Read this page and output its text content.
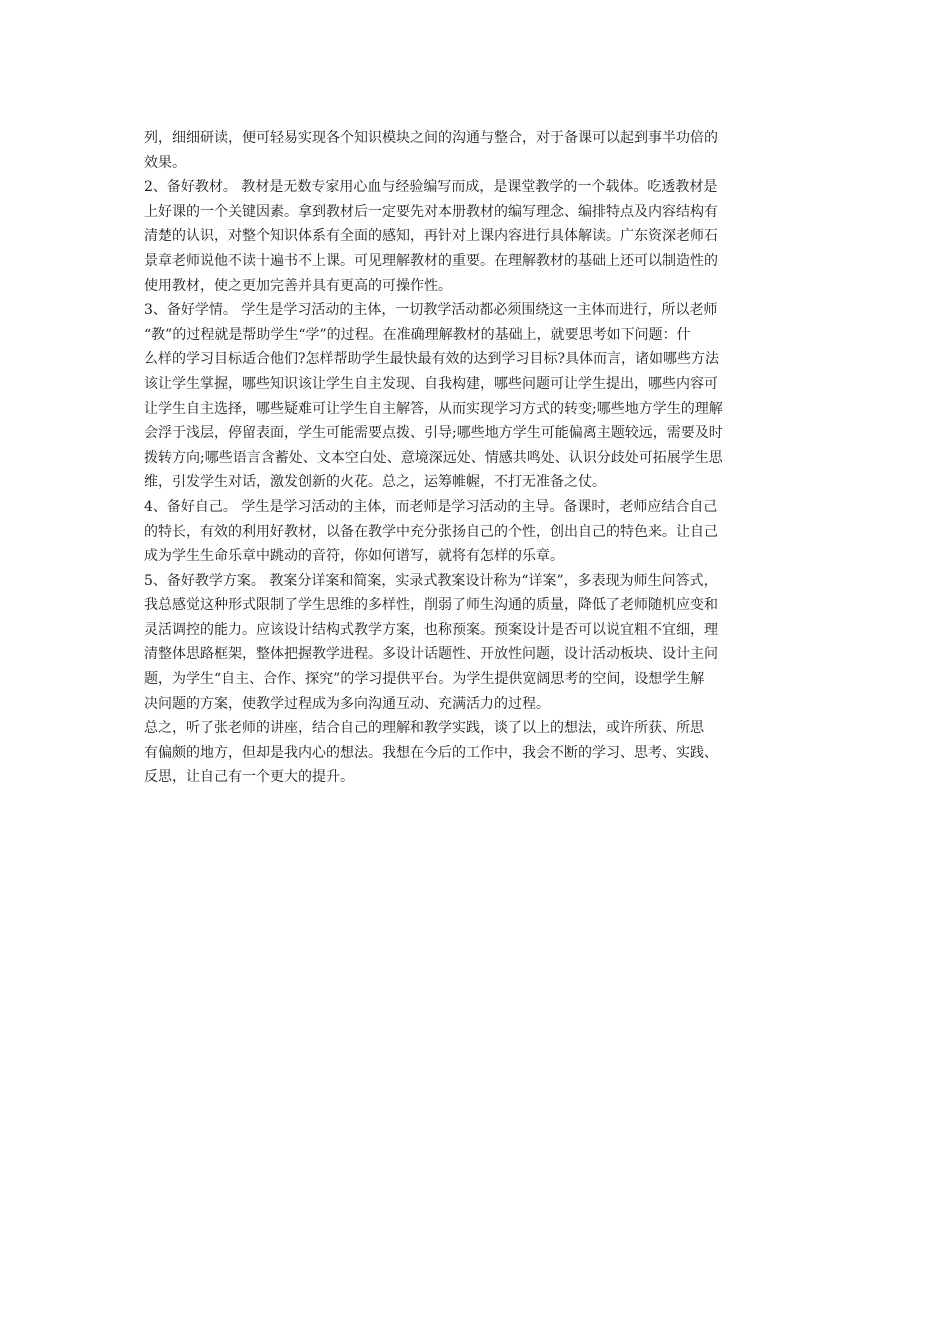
列，细细研读，便可轻易实现各个知识模块之间的沟通与整合，对于备课可以起到事半功倍的
效果。
2、备好教材。 教材是无数专家用心血与经验编写而成，是课堂教学的一个载体。吃透教材是
上好课的一个关键因素。拿到教材后一定要先对本册教材的编写理念、编排特点及内容结构有
清楚的认识，对整个知识体系有全面的感知，再针对上课内容进行具体解读。广东资深老师石
景章老师说他不读十遍书不上课。可见理解教材的重要。在理解教材的基础上还可以制造性的
使用教材，使之更加完善并具有更高的可操作性。
3、备好学情。 学生是学习活动的主体，一切教学活动都必须围绕这一主体而进行，所以老师
“教”的过程就是帮助学生“学”的过程。在准确理解教材的基础上，就要思考如下问题：什
么样的学习目标适合他们?怎样帮助学生最快最有效的达到学习目标?具体而言，诸如哪些方法
该让学生掌握，哪些知识该让学生自主发现、自我构建，哪些问题可让学生提出，哪些内容可
让学生自主选择，哪些疑难可让学生自主解答，从而实现学习方式的转变;哪些地方学生的理解
会浮于浅层，停留表面，学生可能需要点拨、引导;哪些地方学生可能偏离主题较远，需要及时
拨转方向;哪些语言含蓄处、文本空白处、意境深远处、情感共鸣处、认识分歧处可拓展学生思
维，引发学生对话，激发创新的火花。总之，运筹帷幄，不打无准备之仗。
4、备好自己。 学生是学习活动的主体，而老师是学习活动的主导。备课时，老师应结合自己
的特长，有效的利用好教材，以备在教学中充分张扬自己的个性，创出自己的特色来。让自己
成为学生生命乐章中跳动的音符，你如何谱写，就将有怎样的乐章。
5、备好教学方案。 教案分详案和简案，实录式教案设计称为“详案”，多表现为师生问答式，
我总感觉这种形式限制了学生思维的多样性，削弱了师生沟通的质量，降低了老师随机应变和
灵活调控的能力。应该设计结构式教学方案，也称预案。预案设计是否可以说宜粗不宜细，理
清整体思路框架，整体把握教学进程。多设计话题性、开放性问题，设计活动板块、设计主问
题，为学生“自主、合作、探究”的学习提供平台。为学生提供宽阔思考的空间，设想学生解
决问题的方案，使教学过程成为多向沟通互动、充满活力的过程。
总之，听了张老师的讲座，结合自己的理解和教学实践，谈了以上的想法，或许所获、所思
有偏颇的地方，但却是我内心的想法。我想在今后的工作中，我会不断的学习、思考、实践、
反思，让自己有一个更大的提升。
